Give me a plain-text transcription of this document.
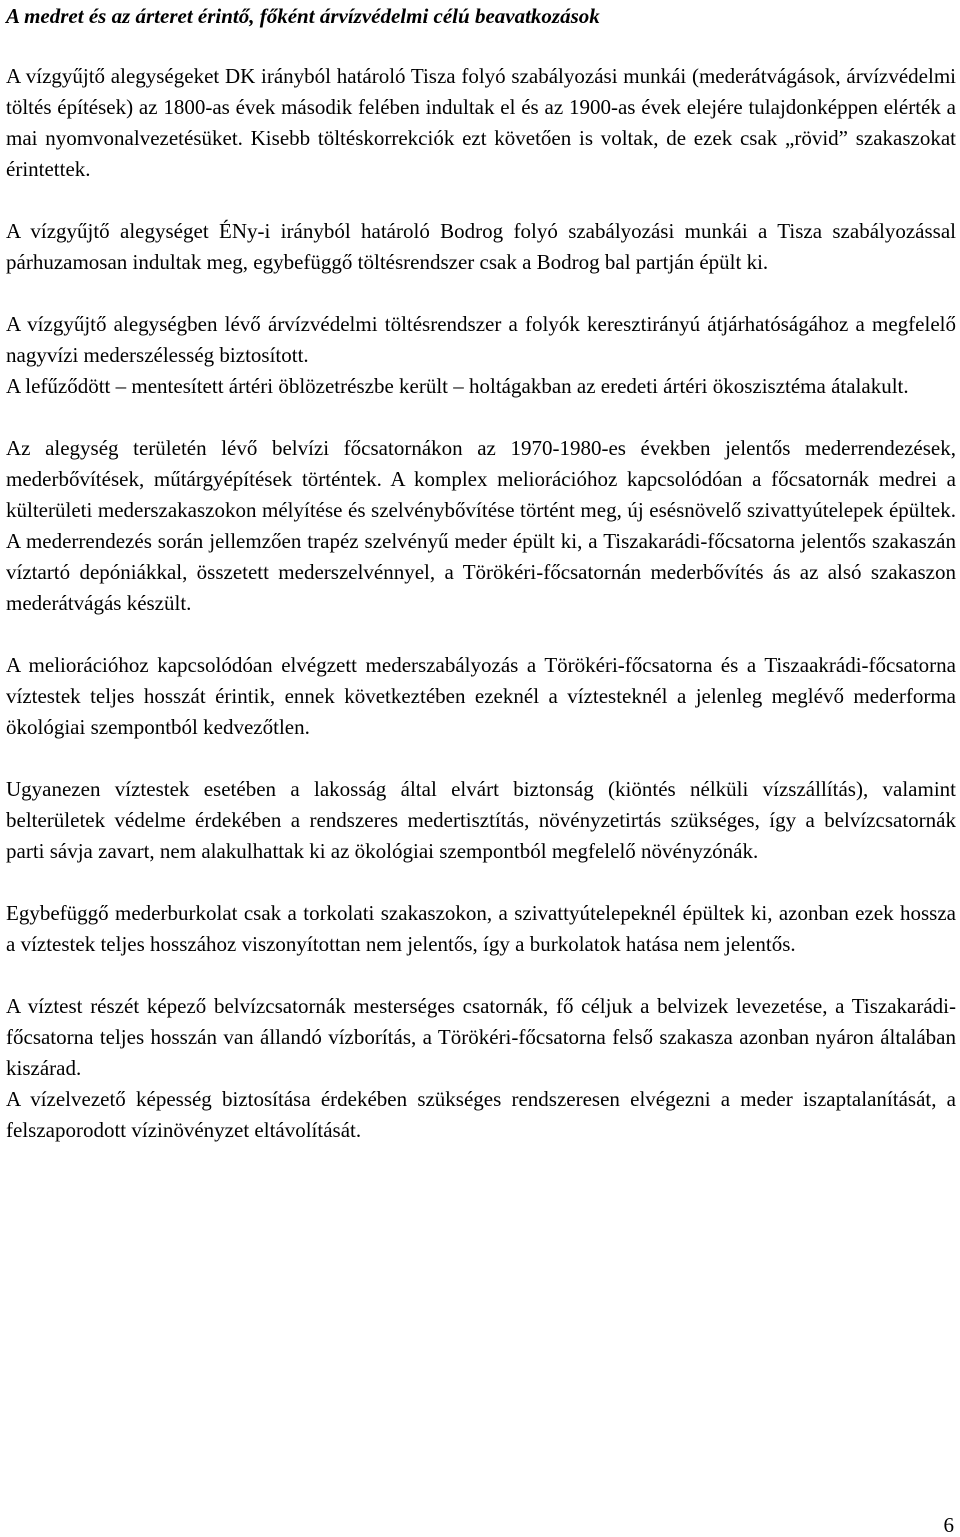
A medret és az árteret érintő, főként árvízvédelmi célú beavatkozások

A vízgyűjtő alegységeket DK irányból határoló Tisza folyó szabályozási munkái (mederátvágások, árvízvédelmi töltés építések) az 1800-as évek második felében indultak el és az 1900-as évek elejére tulajdonképpen elérték a mai nyomvonalvezetésüket. Kisebb töltéskorrekciók ezt követően is voltak, de ezek csak „rövid” szakaszokat érintettek.

A vízgyűjtő alegységet ÉNy-i irányból határoló Bodrog folyó szabályozási munkái a Tisza szabályozással párhuzamosan indultak meg, egybefüggő töltésrendszer csak a Bodrog bal partján épült ki.

A vízgyűjtő alegységben lévő árvízvédelmi töltésrendszer a folyók keresztirányú átjárhatóságához a megfelelő nagyvízi mederszélesség biztosított.

A lefűződött – mentesített ártéri öblözetrészbe került – holtágakban az eredeti ártéri ökoszisztéma átalakult.

Az alegység területén lévő belvízi főcsatornákon az 1970-1980-es években jelentős mederrendezések, mederbővítések, műtárgyépítések történtek. A komplex meliorációhoz kapcsolódóan a főcsatornák medrei a külterületi mederszakaszokon mélyítése és szelvénybővítése történt meg, új esésnövelő szivattyútelepek épültek. A mederrendezés során jellemzően trapéz szelvényű meder épült ki, a Tiszakarádi-főcsatorna jelentős szakaszán víztartó depóniákkal, összetett mederszelvénnyel, a Törökéri-főcsatornán mederbővítés ás az alsó szakaszon mederátvágás készült.

A meliorációhoz kapcsolódóan elvégzett mederszabályozás a Törökéri-főcsatorna és a Tiszaakrádi-főcsatorna víztestek teljes hosszát érintik, ennek következtében ezeknél a víztesteknél a jelenleg meglévő mederforma ökológiai szempontból kedvezőtlen.

Ugyanezen víztestek esetében a lakosság által elvárt biztonság (kiöntés nélküli vízszállítás), valamint belterületek védelme érdekében a rendszeres medertisztítás, növényzetirtás szükséges, így a belvízcsatornák parti sávja zavart, nem alakulhattak ki az ökológiai szempontból megfelelő növényzónák.

Egybefüggő mederburkolat csak a torkolati szakaszokon, a szivattyútelepeknél épültek ki, azonban ezek hossza a víztestek teljes hosszához viszonyítottan nem jelentős, így a burkolatok hatása nem jelentős.

A víztest részét képező belvízcsatornák mesterséges csatornák, fő céljuk a belvizek levezetése, a Tiszakarádi-főcsatorna teljes hosszán van állandó vízborítás, a Törökéri-főcsatorna felső szakasza azonban nyáron általában kiszárad.

A vízelvezető képesség biztosítása érdekében szükséges rendszeresen elvégezni a meder iszaptalanítását, a felszaporodott vízinövényzet eltávolítását.

6
